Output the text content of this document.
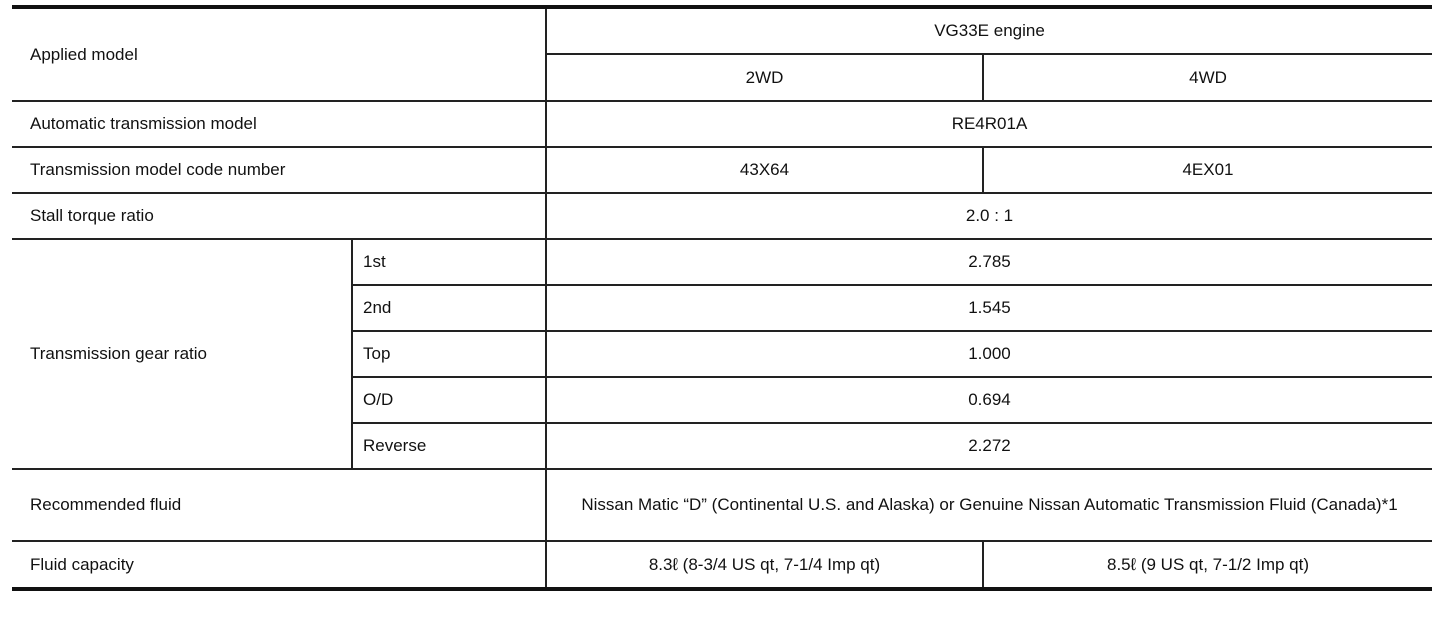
Applied model		VG33E engine	
		2WD	4WD
Automatic transmission model		RE4R01A	
Transmission model code number		43X64	4EX01
Stall torque ratio		2.0 : 1	
Transmission gear ratio	1st	2.785	
	2nd	1.545	
	Top	1.000	
	O/D	0.694	
	Reverse	2.272	
Recommended fluid		Nissan Matic “D” (Continental U.S. and Alaska) or Genuine Nissan Automatic Transmission Fluid (Canada)*1	
Fluid capacity		8.3ℓ (8-3/4 US qt, 7-1/4 Imp qt)	8.5ℓ (9 US qt, 7-1/2 Imp qt)
